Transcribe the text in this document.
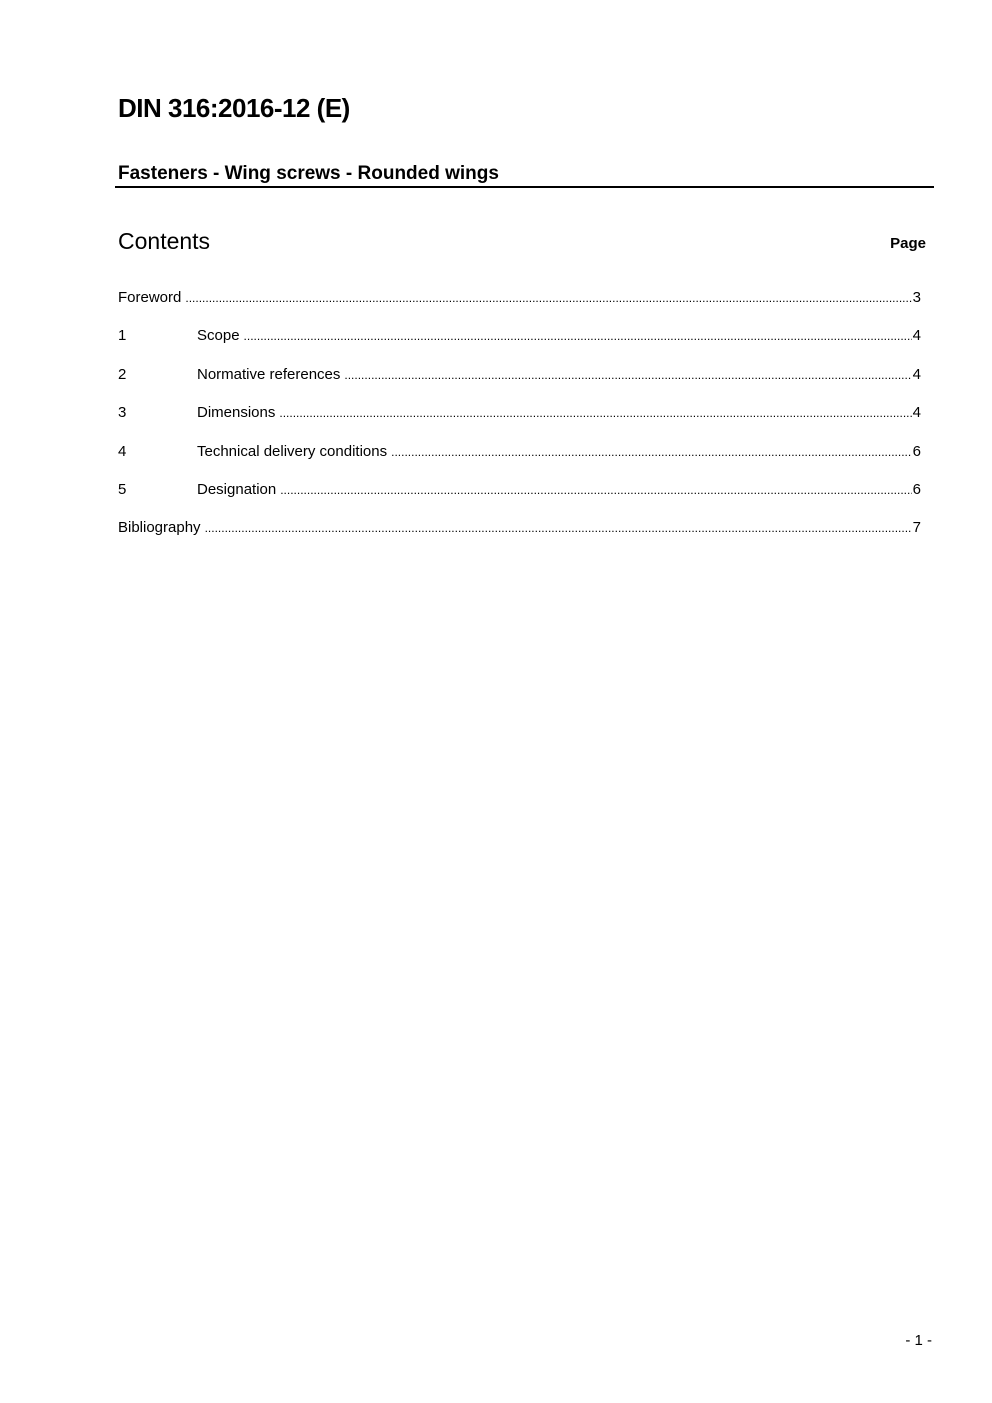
DIN 316:2016-12 (E)
Fasteners - Wing screws - Rounded wings
Contents	Page
Foreword .....	3
1	Scope .....	4
2	Normative references .....	4
3	Dimensions .....	4
4	Technical delivery conditions .....	6
5	Designation .....	6
Bibliography .....	7
- 1 -
